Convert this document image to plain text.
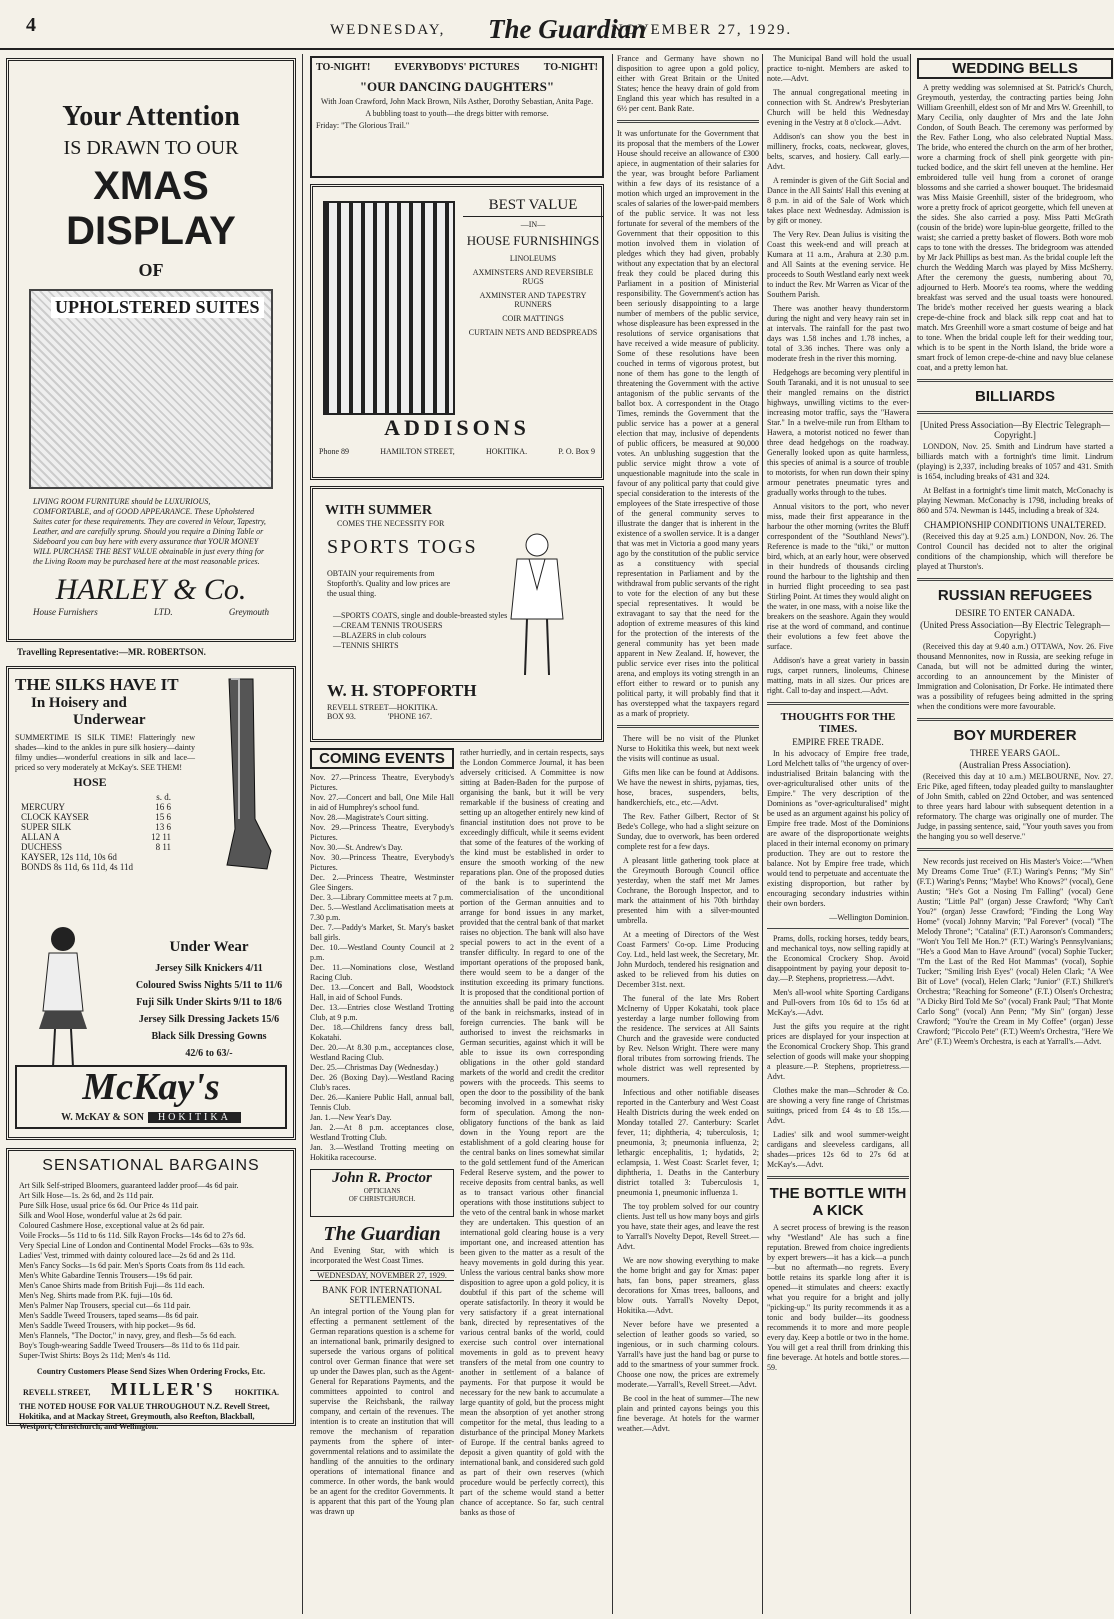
4	WEDNESDAY, The Guardian
NOVEMBER 27, 1929.
Your Attention
IS DRAWN TO OUR
XMAS DISPLAY
OF
UPHOLSTERED SUITES
LIVING ROOM FURNITURE should be LUXURIOUS, COMFORTABLE, and of GOOD APPEARANCE. These Upholstered Suites cater for these requirements. They are covered in Velour, Tapestry, Leather, and are carefully sprung. Should you require a Dining Table or Sideboard you can buy here with every assurance that YOUR MONEY WILL PURCHASE THE BEST VALUE obtainable in just every thing for the Living Room may be purchased here at the most reasonable prices.
HARLEY & Co.
House Furnishers	LTD.	Greymouth
Travelling Representative:—MR. ROBERTSON.
THE SILKS HAVE IT
In Hoisery and
Underwear
SUMMERTIME IS SILK TIME! Flatteringly new shades—kind to the ankles in pure silk hosiery—dainty filmy undies—wonderful creations in silk and lace—priced so very moderately at McKay's. SEE THEM!
HOSE
	s. d.
MERCURY	16 6
CLOCK KAYSER	15 6
SUPER SILK	13 6
ALLAN A	12 11
DUCHESS	8 11
KAYSER, 12s 11d, 10s 6d	
BONDS 8s 11d, 6s 11d, 4s 11d	
Under Wear
Jersey Silk Knickers 4/11
Coloured Swiss Nights 5/11 to 11/6
Fuji Silk Under Skirts 9/11 to 18/6
Jersey Silk Dressing Jackets 15/6
Black Silk Dressing Gowns
42/6 to 63/-
McKay's
W. McKAY & SON HOKITIKA
SENSATIONAL BARGAINS
Art Silk Self-striped Bloomers, guaranteed ladder proof—4s 6d pair.
Art Silk Hose—1s. 2s 6d, and 2s 11d pair.
Pure Silk Hose, usual price 6s 6d. Our Price 4s 11d pair.
Silk and Wool Hose, wonderful value at 2s 6d pair.
Coloured Cashmere Hose, exceptional value at 2s 6d pair.
Voile Frocks—5s 11d to 6s 11d. Silk Rayon Frocks—14s 6d to 27s 6d.
Very Special Line of London and Continental Model Frocks—63s to 93s.
Ladies' Vest, trimmed with dainty coloured lace—2s 6d and 2s 11d.
Men's Fancy Socks—1s 6d pair. Men's Sports Coats from 8s 11d each.
Men's White Gabardine Tennis Trousers—19s 6d pair.
Men's Canoe Shirts made from British Fuji—8s 11d each.
Men's Neg. Shirts made from P.K. fuji—10s 6d.
Men's Palmer Nap Trousers, special cut—6s 11d pair.
Men's Saddle Tweed Trousers, taped seams—8s 6d pair.
Men's Saddle Tweed Trousers, with hip pocket—9s 6d.
Men's Flannels, "The Doctor," in navy, grey, and flesh—5s 6d each.
Boy's Tough-wearing Saddle Tweed Trousers—8s 11d to 6s 11d pair.
Super-Twist Shirts: Boys 2s 11d; Men's 4s 11d.
Country Customers Please Send Sizes When Ordering Frocks, Etc.
REVELL STREET, MILLER'S	HOKITIKA.
THE NOTED HOUSE FOR VALUE THROUGHOUT N.Z. Revell Street, Hokitika, and at Mackay Street, Greymouth, also Reefton, Blackball, Westport, Christchurch, and Wellington.
TO-NIGHT! EVERYBODYS' PICTURES TO-NIGHT!
"OUR DANCING DAUGHTERS"

With Joan Crawford, John Mack Brown, Nils Asther, Dorothy Sebastian, Anita Page.

A bubbling toast to youth—the dregs bitter with remorse.

Friday: "The Glorious Trail."

BEST VALUE
—IN—
HOUSE FURNISHINGS
LINOLEUMS
AXMINSTERS AND REVERSIBLE RUGS
AXMINSTER AND TAPESTRY RUNNERS
COIR MATTINGS
CURTAIN NETS AND BEDSPREADS
ADDISONS
Phone 89	HAMILTON STREET,	HOKITIKA.	P. O. Box 9
WITH SUMMER
COMES THE NECESSITY FOR
SPORTS TOGS
OBTAIN your requirements from Stopforth's. Quality and low prices are the usual thing.
—SPORTS COATS, single and double-breasted styles
—CREAM TENNIS TROUSERS
—BLAZERS in club colours
—TENNIS SHIRTS
W. H. STOPFORTH
REVELL STREET—HOKITIKA.
BOX 93.	'PHONE 167.
COMING EVENTS
Nov. 27.—Princess Theatre, Everybody's Pictures.
Nov. 27.—Concert and ball, One Mile Hall in aid of Humphrey's school fund.
Nov. 28.—Magistrate's Court sitting.
Nov. 29.—Princess Theatre, Everybody's Pictures.
Nov. 30.—St. Andrew's Day.
Nov. 30.—Princess Theatre, Everybody's Pictures.
Dec. 2.—Princess Theatre, Westminster Glee Singers.
Dec. 3.—Library Committee meets at 7 p.m.
Dec. 5.—Westland Acclimatisation meets at 7.30 p.m.
Dec. 7.—Paddy's Market, St. Mary's basket ball girls.
Dec. 10.—Westland County Council at 2 p.m.
Dec. 11.—Nominations close, Westland Racing Club.
Dec. 13.—Concert and Ball, Woodstock Hall, in aid of School Funds.
Dec. 13.—Entries close Westland Trotting Club, at 9 p.m.
Dec. 18.—Childrens fancy dress ball, Kokatahi.
Dec. 20.—At 8.30 p.m., acceptances close, Westland Racing Club.
Dec. 25.—Christmas Day (Wednesday.)
Dec. 26 (Boxing Day).—Westland Racing Club's races.
Dec. 26.—Kaniere Public Hall, annual ball, Tennis Club.
Jan. 1.—New Year's Day.
Jan. 2.—At 8 p.m. acceptances close, Westland Trotting Club.
Jan. 3.—Westland Trotting meeting on Hokitika racecourse.
John R. Proctor
OPTICIANS
OF CHRISTCHURCH.
The Guardian
And Evening Star, with which is incorporated the West Coast Times.
WEDNESDAY, NOVEMBER 27, 1929.
BANK FOR INTERNATIONAL SETTLEMENTS.
An integral portion of the Young plan for effecting a permanent settlement of the German reparations question is a scheme for an international bank, primarily designed to supersede the various organs of political control over German finance that were set up under the Dawes plan, such as the Agent-General for Reparations Payments, and the committees appointed to control and supervise the Reichsbank, the railway company, and certain of the revenues. The intention is to create an institution that will remove the mechanism of reparation payments from the sphere of inter-governmental relations and to assimilate the handling of the annuities to the ordinary operations of international finance and commerce. In other words, the bank would be an agent for the creditor Governments. It is apparent that this part of the Young plan was drawn up
rather hurriedly, and in certain respects, says the London Commerce Journal, it has been adversely criticised. A Committee is now sitting at Baden-Baden for the purpose of organising the bank, but it will be very remarkable if the business of creating and setting up an altogether entirely new kind of financial institution does not prove to be exceedingly difficult, while it seems evident that some of the features of the working of the kind must be established in order to ensure the smooth working of the new reparations plan. One of the proposed duties of the bank is to superintend the commercialisation of the unconditional portion of the German annuities and to arrange for bond issues in any market, provided that the central bank of that market raises no objection. The bank will also have special powers to act in the event of a transfer difficulty. In regard to one of the important operations of the proposed bank, there would seem to be a danger of the institution exceeding its primary functions. It is proposed that the conditional portion of the annuities shall be paid into the account of the bank in reichsmarks, instead of in foreign currencies. The bank will be authorised to invest the reichsmarks in German securities, against which it will be able to issue its own corresponding obligations in the other gold standard markets of the world and credit the creditor powers with the proceeds. This seems to open the door to the possibility of the bank becoming involved in a somewhat risky form of speculation. Among the non-obligatory functions of the bank as laid down in the Young report are the establishment of a gold clearing house for the central banks on lines somewhat similar to the gold settlement fund of the American Federal Reserve system, and the power to receive deposits from central banks, as well as to transact various other financial operations with those institutions subject to the veto of the central bank in whose market they are undertaken. This question of an international gold clearing house is a very important one, and increased attention has been given to the matter as a result of the heavy movements in gold during this year. Unless the various central banks show more disposition to agree upon a gold policy, it is doubtful if this part of the scheme will operate satisfactorily. In theory it would be very satisfactory if a great international bank, directed by representatives of the various central banks of the world, could exercise such control over international movements in gold as to prevent heavy transfers of the metal from one country to another in settlement of a balance of payments. For that purpose it would be necessary for the new bank to accumulate a large quantity of gold, but the process might mean the absorption of yet another strong competitor for the metal, thus leading to a disturbance of the principal Money Markets of Europe. If the central banks agreed to deposit a given quantity of gold with the international bank, and considered such gold as part of their own reserves (which procedure would be perfectly correct), this part of the scheme would stand a better chance of acceptance. So far, such central banks as those of
France and Germany have shown no disposition to agree upon a gold policy, either with Great Britain or the United States; hence the heavy drain of gold from England this year which has resulted in a 6½ per cent. Bank Rate.
It was unfortunate for the Government that its proposal that the members of the Lower House should receive an allowance of £300 apiece, in augmentation of their salaries for the year, was brought before Parliament within a few days of its resistance of a motion which urged an improvement in the scales of salaries of the lower-paid members of the public service. It was not less fortunate for several of the members of the Government that their opposition to this motion involved them in violation of pledges which they had given, probably without any expectation that by an electoral freak they could be placed during this Parliament in a position of Ministerial responsibility. The Government's action has been seriously disappointing to a large number of members of the public service, whose displeasure has been expressed in the resolutions of service organisations that have received a wide measure of publicity. Some of these resolutions have been couched in terms of vigorous protest, but none of them has gone to the length of threatening the Government with the active antagonism of the public servants of the ballot box. A correspondent in the Otago Times, reminds the Government that the public service has a power at a general election that may, inclusive of dependents of public officers, be measured at 90,000 votes. An unblushing suggestion that the public service might throw a vote of unquestionable magnitude into the scale in favour of any political party that could give special consideration to the interests of the employees of the State irrespective of those of the general community serves to illustrate the danger that is inherent in the existence of a swollen service. It is a danger that was met in Victoria a good many years ago by the constitution of the public service as a constituency with special representation in Parliament and by the withdrawal from public servants of the right to vote for the election of any but these special representatives. It would be extravagant to say that the need for the adoption of extreme measures of this kind for the protection of the interests of the general community has yet been made apparent in New Zealand. If, however, the public service ever rises into the political arena, and employs its voting strength in an effort either to reward or to punish any political party, it will probably find that it has overstepped what the taxpayers regard as a mark of propriety.

There will be no visit of the Plunket Nurse to Hokitika this week, but next week the visits will continue as usual.

Gifts men like can be found at Addisons. We have the newest in shirts, pyjamas, ties, hose, braces, suspenders, belts, handkerchiefs, etc., etc.—Advt.

The Rev. Father Gilbert, Rector of St Bede's College, who had a slight seizure on Sunday, due to overwork, has been ordered complete rest for a few days.

A pleasant little gathering took place at the Greymouth Borough Council office yesterday, when the staff met Mr James Cochrane, the Borough Inspector, and to mark the attainment of his 70th birthday presented him with a silver-mounted umbrella.

At a meeting of Directors of the West Coast Farmers' Co-op. Lime Producing Coy. Ltd., held last week, the Secretary, Mr. John Murdoch, tendered his resignation and asked to be relieved from his duties on December 31st. next.

The funeral of the late Mrs Robert McInerny of Upper Kokatahi, took place yesterday a large number following from the residence. The services at All Saints Church and the graveside were conducted by Rev. Nelson Wright. There were many floral tributes from sorrowing friends. The whole district was well represented by mourners.

Infectious and other notifiable diseases reported in the Canterbury and West Coast Health Districts during the week ended on Monday totalled 27. Canterbury: Scarlet fever, 11; diphtheria, 4; tuberculosis, 1; pneumonia, 3; pneumonia influenza, 2; lethargic encephalitis, 1; hydatids, 2; eclampsia, 1. West Coast: Scarlet fever, 1; diphtheria, 1. Deaths in the Canterbury district totalled 3: Tuberculosis 1, pneumonia 1, pneumonic influenza 1.

The toy problem solved for our country clients. Just tell us how many boys and girls you have, state their ages, and leave the rest to Yarrall's Novelty Depot, Revell Street.—Advt.

We are now showing everything to make the home bright and gay for Xmas: paper hats, fan bons, paper streamers, glass decorations for Xmas trees, balloons, and blow outs. Yarrall's Novelty Depot, Hokitika.—Advt.

Never before have we presented a selection of leather goods so varied, so ingenious, or in such charming colours. Yarrall's have just the hand bag or purse to add to the smartness of your summer frock. Choose one now, the prices are extremely moderate.—Yarrall's, Revell Street.—Advt.

Be cool in the heat of summer—The new plain and printed cayons beings you this fine beverage. At hotels for the warmer weather.—Advt.

The Municipal Band will hold the usual practice to-night. Members are asked to note.—Advt.

The annual congregational meeting in connection with St. Andrew's Presbyterian Church will be held this Wednesday evening in the Vestry at 8 o'clock.—Advt.

Addison's can show you the best in millinery, frocks, coats, neckwear, gloves, belts, scarves, and hosiery. Call early.—Advt.

A reminder is given of the Gift Social and Dance in the All Saints' Hall this evening at 8 p.m. in aid of the Sale of Work which takes place next Wednesday. Admission is by gift or money.

The Very Rev. Dean Julius is visiting the Coast this week-end and will preach at Kumara at 11 a.m., Arahura at 2.30 p.m. and All Saints at the evening service. He proceeds to South Westland early next week to induct the Rev. Mr Warren as Vicar of the Southern Parish.

There was another heavy thunderstorm during the night and very heavy rain set in at intervals. The rainfall for the past two days was 1.58 inches and 1.78 inches, a total of 3.36 inches. There was only a moderate fresh in the river this morning.

Hedgehogs are becoming very plentiful in South Taranaki, and it is not unusual to see their mangled remains on the district highways, unwilling victims to the ever-increasing motor traffic, says the "Hawera Star." In a twelve-mile run from Eltham to Hawera, a motorist noticed no fewer than three dead hedgehogs on the roadway. Generally looked upon as quite harmless, this species of animal is a source of trouble to motorists, for when run down their spiny armour penetrates pneumatic tyres and gradually works through to the tubes.

Annual visitors to the port, who never miss, made their first appearance in the harbour the other morning (writes the Bluff correspondent of the "Southland News"). Reference is made to the "tiki," or mutton bird, which, at an early hour, were observed in their hundreds of thousands circling round the harbour to the lightship and then in hurried flight proceeding to sea past Stirling Point. At times they would alight on the water, in one mass, with a noise like the breakers on the seashore. Again they would rise at the word of command, and continue their evolutions a few feet above the surface.

Addison's have a great variety in bassin rugs, carpet runners, linoleums, Chinese matting, mats in all sizes. Our prices are right. Call to-day and inspect.—Advt.

THOUGHTS FOR THE TIMES.
EMPIRE FREE TRADE.

In his advocacy of Empire free trade, Lord Melchett talks of "the urgency of over-industrialised Britain balancing with the over-agriculturalised other units of the Empire." The very description of the Dominions as "over-agriculturalised" might be used as an argument against his policy of Empire free trade. Most of the Dominions are aware of the disproportionate weights placed in their internal economy on primary production. They are out to restore the balance. Not by Empire free trade, which would tend to perpetuate and accentuate the existing disproportion, but rather by encouraging secondary industries within their own borders.

—Wellington Dominion.

Prams, dolls, rocking horses, teddy bears, and mechanical toys, now selling rapidly at the Economical Crockery Shop. Avoid disappointment by paying your deposit to-day.—P. Stephens, proprietress.—Advt.

Men's all-wool white Sporting Cardigans and Pull-overs from 10s 6d to 15s 6d at McKay's.—Advt.

Just the gifts you require at the right prices are displayed for your inspection at the Economical Crockery Shop. This grand selection of goods will make your shopping a pleasure.—P. Stephens, proprietress.—Advt.

Clothes make the man—Schroder & Co. are showing a very fine range of Christmas suitings, priced from £4 4s to £8 15s.—Advt.

Ladies' silk and wool summer-weight cardigans and sleeveless cardigans, all shades—prices 12s 6d to 27s 6d at McKay's.—Advt.

THE BOTTLE WITH A KICK

A secret process of brewing is the reason why "Westland" Ale has such a fine reputation. Brewed from choice ingredients by expert brewers—it has a kick—a punch—but no aftermath—no regrets. Every bottle retains its sparkle long after it is opened—it stimulates and cheers: exactly what you require for a bright and jolly "picking-up." Its purity recommends it as a tonic and body builder—its goodness recommends it to more and more people every day. Keep a bottle or two in the home. You will get a real thrill from drinking this fine beverage. At hotels and bottle stores.—59.

WEDDING BELLS

A pretty wedding was solemnised at St. Patrick's Church, Greymouth, yesterday, the contracting parties being John William Greenhill, eldest son of Mr and Mrs W. Greenhill, to Mary Cecilia, only daughter of Mrs and the late John Condon, of South Beach. The ceremony was performed by the Rev. Father Long, who also celebrated Nuptial Mass. The bride, who entered the church on the arm of her brother, wore a charming frock of shell pink georgette with pin-tucked bodice, and the skirt fell uneven at the hemline. Her embroidered tulle veil hung from a coronet of orange blossoms and she carried a shower bouquet. The bridesmaid was Miss Maisie Greenhill, sister of the bridegroom, who wore a pretty frock of apricot georgette, which fell uneven at the sides. She also carried a posy. Miss Patti McGrath (cousin of the bride) wore lupin-blue georgette, frilled to the waist; she carried a pretty basket of flowers. Both wore mob caps to tone with the dresses. The bridegroom was attended by Mr Jack Phillips as best man. As the bridal couple left the church the Wedding March was played by Miss McSherry. After the ceremony the guests, numbering about 70, adjourned to Herb. Moore's tea rooms, where the wedding breakfast was served and the usual toasts were honoured. The bride's mother received her guests wearing a black crepe-de-chine frock and black silk repp coat and hat to match. Mrs Greenhill wore a smart costume of beige and hat to tone. When the bridal couple left for their wedding tour, which is to be spent in the North Island, the bride wore a smart frock of lemon crepe-de-chine and navy blue celanese coat, and a pretty lemon hat.

BILLIARDS
[United Press Association—By Electric Telegraph—Copyright.]

LONDON, Nov. 25. Smith and Lindrum have started a billiards match with a fortnight's time limit. Lindrum (playing) is 2,337, including breaks of 1057 and 431. Smith is 1654, including breaks of 431 and 324.

At Belfast in a fortnight's time limit match, McConachy is playing Newman. McConachy is 1798, including breaks of 860 and 574. Newman is 1445, including a break of 324.

CHAMPIONSHIP CONDITIONS UNALTERED.

(Received this day at 9.25 a.m.) LONDON, Nov. 26. The Control Council has decided not to alter the original conditions of the championship, which will therefore be played at Thurston's.

RUSSIAN REFUGEES
DESIRE TO ENTER CANADA.
(United Press Association—By Electric Telegraph—Copyright.)

(Received this day at 9.40 a.m.) OTTAWA, Nov. 26. Five thousand Mennonites, now in Russia, are seeking refuge in Canada, but will not be admitted during the winter, according to an announcement by the Minister of Immigration and Colonisation, Dr Forke. He intimated there was a possibility of refugees being admitted in the spring when the conditions were more favourable.

BOY MURDERER
THREE YEARS GAOL.
(Australian Press Association).

(Received this day at 10 a.m.) MELBOURNE, Nov. 27. Eric Pike, aged fifteen, today pleaded guilty to manslaughter of John Smith, cabled on 22nd October, and was sentenced to three years hard labour with subsequent detention in a reformatory. The charge was originally one of murder. The Judge, in passing sentence, said, "Your youth saves you from the hanging you so well deserve."

New records just received on His Master's Voice:—"When My Dreams Come True" (F.T.) Waring's Penns; "My Sin" (F.T.) Waring's Penns; "Maybe! Who Knows?" (vocal), Gene Austin; "He's Got a Nosing I'm Falling" (vocal) Gene Austin; "Little Pal" (organ) Jesse Crawford; "Why Can't You?" (organ) Jesse Crawford; "Finding the Long Way Home" (vocal) Johnny Marvin; "Pal Forever" (vocal) "The Melody Throne"; "Catalina" (F.T.) Aaronson's Commanders; "Won't You Tell Me Hon.?" (F.T.) Waring's Pennsylvanians; "He's a Good Man to Have Around" (vocal) Sophie Tucker; "I'm the Last of the Red Hot Mammas" (vocal), Sophie Tucker; "Smiling Irish Eyes" (vocal) Helen Clark; "A Wee Bit of Love" (vocal), Helen Clark; "Junior" (F.T.) Shilkret's Orchestra; "Reaching for Someone" (F.T.) Olsen's Orchestra; "A Dicky Bird Told Me So" (vocal) Frank Paul; "That Monte Carlo Song" (vocal) Ann Penn; "My Sin" (organ) Jesse Crawford; "You're the Cream in My Coffee" (organ) Jesse Crawford; "Piccolo Pete" (F.T.) Weem's Orchestra, "Here We Are" (F.T.) Weem's Orchestra, is each at Yarrall's.—Advt.
